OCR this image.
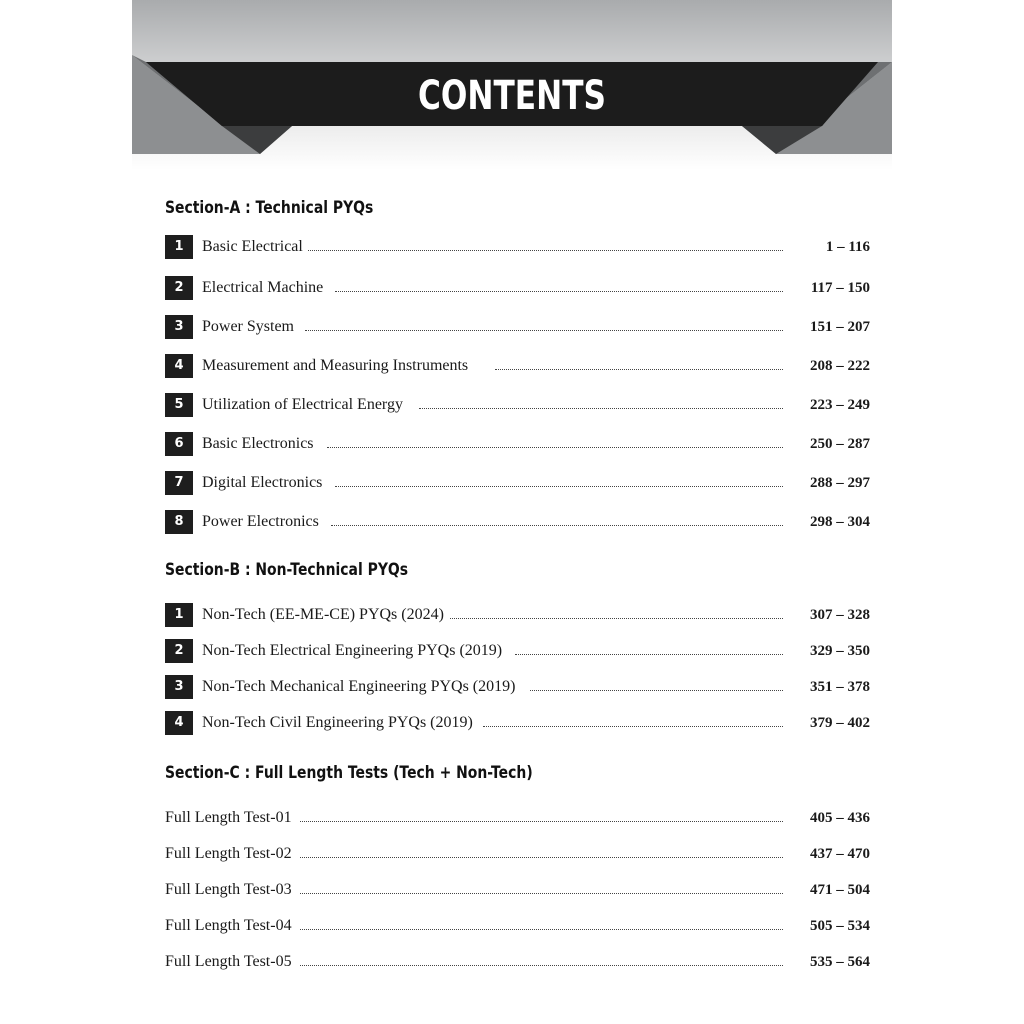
CONTENTS
Section-A : Technical PYQs
1	Basic Electrical	1 – 116
2	Electrical Machine	117 – 150
3	Power System	151 – 207
4	Measurement and Measuring Instruments	208 – 222
5	Utilization of Electrical Energy	223 – 249
6	Basic Electronics	250 – 287
7	Digital Electronics	288 – 297
8	Power Electronics	298 – 304
Section-B : Non-Technical PYQs
1	Non-Tech (EE-ME-CE) PYQs (2024)	307 – 328
2	Non-Tech Electrical Engineering PYQs (2019)	329 – 350
3	Non-Tech Mechanical Engineering PYQs (2019)	351 – 378
4	Non-Tech Civil Engineering PYQs (2019)	379 – 402
Section-C : Full Length Tests (Tech + Non-Tech)
Full Length Test-01	405 – 436
Full Length Test-02	437 – 470
Full Length Test-03	471 – 504
Full Length Test-04	505 – 534
Full Length Test-05	535 – 564
